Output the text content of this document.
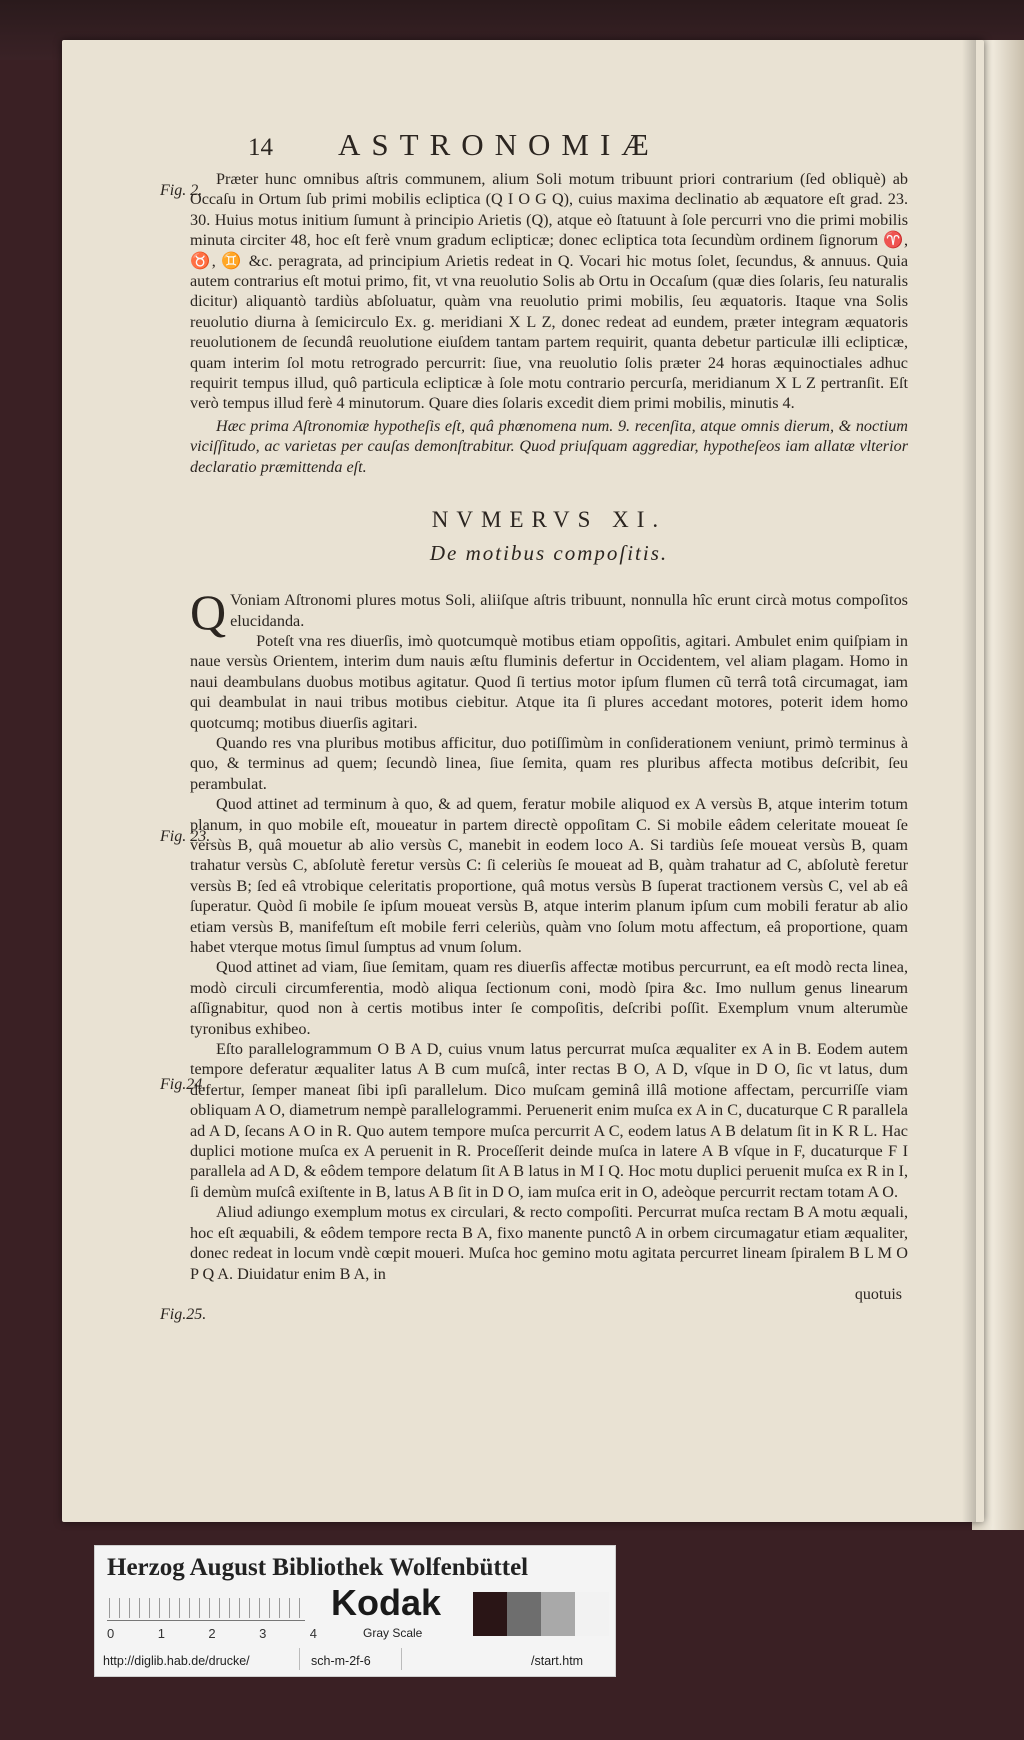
Fig. 2.
Fig. 23.
Fig.24.
Fig.25.
14	ASTRONOMIÆ

Præter hunc omnibus aſtris communem, alium Soli motum tribuunt priori contrarium (ſed obliquè) ab Occaſu in Ortum ſub primi mobilis ecliptica (Q I O G Q), cuius maxima declinatio ab æquatore eſt grad. 23. 30. Huius motus initium ſumunt à principio Arietis (Q), atque eò ſtatuunt à ſole percurri vno die primi mobilis minuta circiter 48, hoc eſt ferè vnum gradum eclipticæ; donec ecliptica tota ſecundùm ordinem ſignorum ♈, ♉, ♊ &c. peragrata, ad principium Arietis redeat in Q. Vocari hic motus ſolet, ſecundus, & annuus. Quia autem contrarius eſt motui primo, fit, vt vna reuolutio Solis ab Ortu in Occaſum (quæ dies ſolaris, ſeu naturalis dicitur) aliquantò tardiùs abſoluatur, quàm vna reuolutio primi mobilis, ſeu æquatoris. Itaque vna Solis reuolutio diurna à ſemicirculo Ex. g. meridiani X L Z, donec redeat ad eundem, præter integram æquatoris reuolutionem de ſecundâ reuolutione eiuſdem tantam partem requirit, quanta debetur particulæ illi eclipticæ, quam interim ſol motu retrogrado percurrit: ſiue, vna reuolutio ſolis præter 24 horas æquinoctiales adhuc requirit tempus illud, quô particula eclipticæ à ſole motu contrario percurſa, meridianum X L Z pertranſit. Eſt verò tempus illud ferè 4 minutorum. Quare dies ſolaris excedit diem primi mobilis, minutis 4.

Hæc prima Aſtronomiæ hypotheſis eſt, quâ phœnomena num. 9. recenſita, atque omnis dierum, & noctium viciſſitudo, ac varietas per cauſas demonſtrabitur. Quod priuſquam aggrediar, hypotheſeos iam allatæ vlterior declaratio præmittenda eſt.

NVMERVS XI.
De motibus compoſitis.

Q Voniam Aſtronomi plures motus Soli, aliiſque aſtris tribuunt, nonnulla hîc erunt circà motus compoſitos elucidanda.

Poteſt vna res diuerſis, imò quotcumquè motibus etiam oppoſitis, agitari. Ambulet enim quiſpiam in naue versùs Orientem, interim dum nauis æſtu fluminis defertur in Occidentem, vel aliam plagam. Homo in naui deambulans duobus motibus agitatur. Quod ſi tertius motor ipſum flumen cũ terrâ totâ circumagat, iam qui deambulat in naui tribus motibus ciebitur. Atque ita ſi plures accedant motores, poterit idem homo quotcumq; motibus diuerſis agitari.

Quando res vna pluribus motibus afficitur, duo potiſſimùm in conſiderationem veniunt, primò terminus à quo, & terminus ad quem; ſecundò linea, ſiue ſemita, quam res pluribus affecta motibus deſcribit, ſeu perambulat.

Quod attinet ad terminum à quo, & ad quem, feratur mobile aliquod ex A versùs B, atque interim totum planum, in quo mobile eſt, moueatur in partem directè oppoſitam C. Si mobile eâdem celeritate moueat ſe versùs B, quâ mouetur ab alio versùs C, manebit in eodem loco A. Si tardiùs ſeſe moueat versùs B, quam trahatur versùs C, abſolutè feretur versùs C: ſi celeriùs ſe moueat ad B, quàm trahatur ad C, abſolutè feretur versùs B; ſed eâ vtrobique celeritatis proportione, quâ motus versùs B ſuperat tractionem versùs C, vel ab eâ ſuperatur. Quòd ſi mobile ſe ipſum moueat versùs B, atque interim planum ipſum cum mobili feratur ab alio etiam versùs B, manifeſtum eſt mobile ferri celeriùs, quàm vno ſolum motu affectum, eâ proportione, quam habet vterque motus ſimul ſumptus ad vnum ſolum.

Quod attinet ad viam, ſiue ſemitam, quam res diuerſis affectæ motibus percurrunt, ea eſt modò recta linea, modò circuli circumferentia, modò aliqua ſectionum coni, modò ſpira &c. Imo nullum genus linearum aſſignabitur, quod non à certis motibus inter ſe compoſitis, deſcribi poſſit. Exemplum vnum alterumùe tyronibus exhibeo.

Eſto parallelogrammum O B A D, cuius vnum latus percurrat muſca æqualiter ex A in B. Eodem autem tempore deferatur æqualiter latus A B cum muſcâ, inter rectas B O, A D, vſque in D O, ſic vt latus, dum defertur, ſemper maneat ſibi ipſi parallelum. Dico muſcam geminâ illâ motione affectam, percurriſſe viam obliquam A O, diametrum nempè parallelogrammi. Peruenerit enim muſca ex A in C, ducaturque C R parallela ad A D, ſecans A O in R. Quo autem tempore muſca percurrit A C, eodem latus A B delatum ſit in K R L. Hac duplici motione muſca ex A peruenit in R. Proceſſerit deinde muſca in latere A B vſque in F, ducaturque F I parallela ad A D, & eôdem tempore delatum ſit A B latus in M I Q. Hoc motu duplici peruenit muſca ex R in I, ſi demùm muſcâ exiſtente in B, latus A B ſit in D O, iam muſca erit in O, adeòque percurrit rectam totam A O.

Aliud adiungo exemplum motus ex circulari, & recto compoſiti. Percurrat muſca rectam B A motu æquali, hoc eſt æquabili, & eôdem tempore recta B A, fixo manente punctô A in orbem circumagatur etiam æqualiter, donec redeat in locum vndè cœpit moueri. Muſca hoc gemino motu agitata percurret lineam ſpiralem B L M O P Q A. Diuidatur enim B A, in

quotuis
Herzog August Bibliothek Wolfenbüttel
0	1	2	3	4
Kodak
Gray Scale
http://diglib.hab.de/drucke/	sch-m-2f-6	/start.htm
